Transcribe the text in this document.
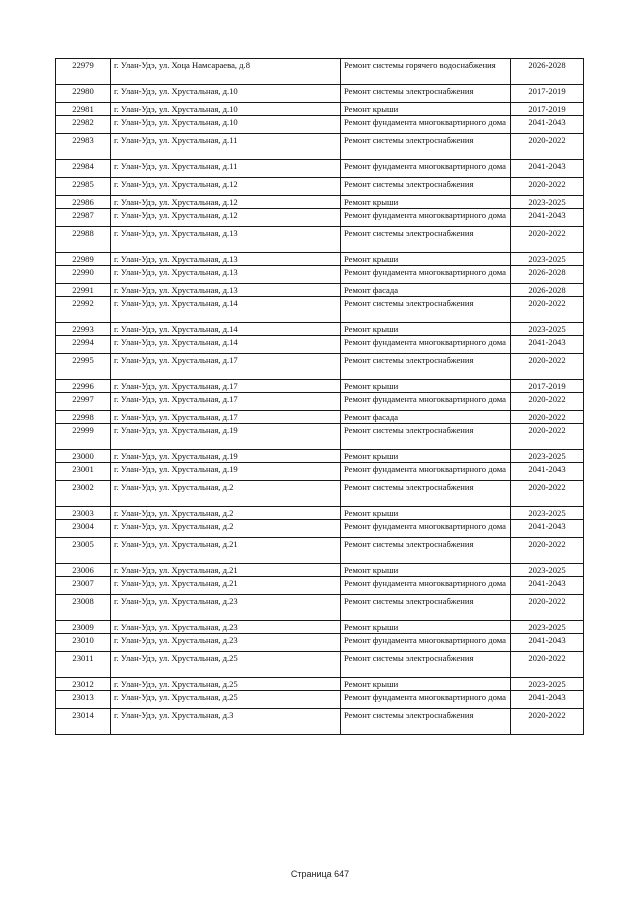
22979	г. Улан-Удэ, ул. Хоца Намсараева, д.8	Ремонт системы горячего водоснабжения	2026-2028
22980	г. Улан-Удэ, ул. Хрустальная, д.10	Ремонт системы электроснабжения	2017-2019
22981	г. Улан-Удэ, ул. Хрустальная, д.10	Ремонт крыши	2017-2019
22982	г. Улан-Удэ, ул. Хрустальная, д.10	Ремонт фундамента многоквартирного дома	2041-2043
22983	г. Улан-Удэ, ул. Хрустальная, д.11	Ремонт системы электроснабжения	2020-2022
22984	г. Улан-Удэ, ул. Хрустальная, д.11	Ремонт фундамента многоквартирного дома	2041-2043
22985	г. Улан-Удэ, ул. Хрустальная, д.12	Ремонт системы электроснабжения	2020-2022
22986	г. Улан-Удэ, ул. Хрустальная, д.12	Ремонт крыши	2023-2025
22987	г. Улан-Удэ, ул. Хрустальная, д.12	Ремонт фундамента многоквартирного дома	2041-2043
22988	г. Улан-Удэ, ул. Хрустальная, д.13	Ремонт системы электроснабжения	2020-2022
22989	г. Улан-Удэ, ул. Хрустальная, д.13	Ремонт крыши	2023-2025
22990	г. Улан-Удэ, ул. Хрустальная, д.13	Ремонт фундамента многоквартирного дома	2026-2028
22991	г. Улан-Удэ, ул. Хрустальная, д.13	Ремонт фасада	2026-2028
22992	г. Улан-Удэ, ул. Хрустальная, д.14	Ремонт системы электроснабжения	2020-2022
22993	г. Улан-Удэ, ул. Хрустальная, д.14	Ремонт крыши	2023-2025
22994	г. Улан-Удэ, ул. Хрустальная, д.14	Ремонт фундамента многоквартирного дома	2041-2043
22995	г. Улан-Удэ, ул. Хрустальная, д.17	Ремонт системы электроснабжения	2020-2022
22996	г. Улан-Удэ, ул. Хрустальная, д.17	Ремонт крыши	2017-2019
22997	г. Улан-Удэ, ул. Хрустальная, д.17	Ремонт фундамента многоквартирного дома	2020-2022
22998	г. Улан-Удэ, ул. Хрустальная, д.17	Ремонт фасада	2020-2022
22999	г. Улан-Удэ, ул. Хрустальная, д.19	Ремонт системы электроснабжения	2020-2022
23000	г. Улан-Удэ, ул. Хрустальная, д.19	Ремонт крыши	2023-2025
23001	г. Улан-Удэ, ул. Хрустальная, д.19	Ремонт фундамента многоквартирного дома	2041-2043
23002	г. Улан-Удэ, ул. Хрустальная, д.2	Ремонт системы электроснабжения	2020-2022
23003	г. Улан-Удэ, ул. Хрустальная, д.2	Ремонт крыши	2023-2025
23004	г. Улан-Удэ, ул. Хрустальная, д.2	Ремонт фундамента многоквартирного дома	2041-2043
23005	г. Улан-Удэ, ул. Хрустальная, д.21	Ремонт системы электроснабжения	2020-2022
23006	г. Улан-Удэ, ул. Хрустальная, д.21	Ремонт крыши	2023-2025
23007	г. Улан-Удэ, ул. Хрустальная, д.21	Ремонт фундамента многоквартирного дома	2041-2043
23008	г. Улан-Удэ, ул. Хрустальная, д.23	Ремонт системы электроснабжения	2020-2022
23009	г. Улан-Удэ, ул. Хрустальная, д.23	Ремонт крыши	2023-2025
23010	г. Улан-Удэ, ул. Хрустальная, д.23	Ремонт фундамента многоквартирного дома	2041-2043
23011	г. Улан-Удэ, ул. Хрустальная, д.25	Ремонт системы электроснабжения	2020-2022
23012	г. Улан-Удэ, ул. Хрустальная, д.25	Ремонт крыши	2023-2025
23013	г. Улан-Удэ, ул. Хрустальная, д.25	Ремонт фундамента многоквартирного дома	2041-2043
23014	г. Улан-Удэ, ул. Хрустальная, д.3	Ремонт системы электроснабжения	2020-2022
Страница 647
